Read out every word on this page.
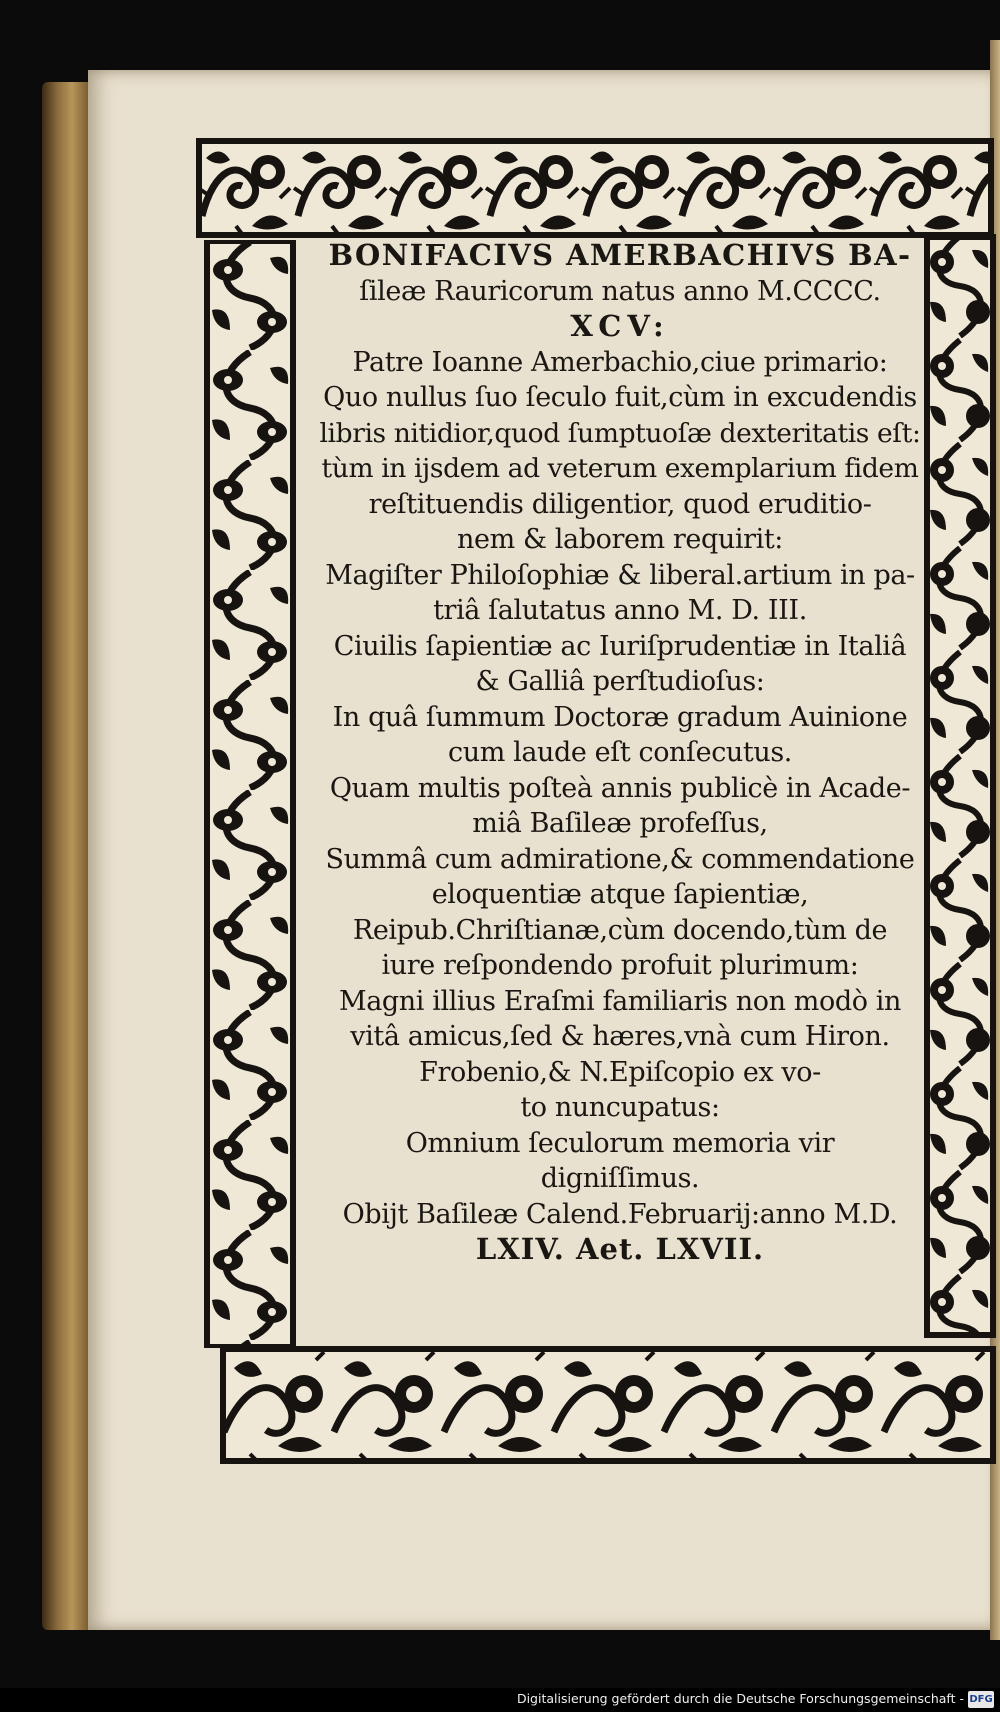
BONIFACIVS AMERBACHIVS BA-

ſileæ Rauricorum natus anno M.CCCC.

XCV:

Patre Ioanne Amerbachio,ciue primario:

Quo nullus ſuo ſeculo fuit,cùm in excudendis

libris nitidior,quod ſumptuoſæ dexteritatis eſt:

tùm in ijsdem ad veterum exemplarium fidem

reſtituendis diligentior, quod eruditio-

nem & laborem requirit:

Magiſter Philoſophiæ & liberal.artium in pa-

triâ ſalutatus anno M. D. III.

Ciuilis ſapientiæ ac Iuriſprudentiæ in Italiâ

& Galliâ perſtudioſus:

In quâ ſummum Doctoræ gradum Auinione

cum laude eſt conſecutus.

Quam multis poſteà annis publicè in Acade-

miâ Baſileæ profeſſus,

Summâ cum admiratione,& commendatione

eloquentiæ atque ſapientiæ,

Reipub.Chriſtianæ,cùm docendo,tùm de

iure reſpondendo profuit plurimum:

Magni illius Eraſmi familiaris non modò in

vitâ amicus,ſed & hæres,vnà cum Hiron.

Frobenio,& N.Epiſcopio ex vo-

to nuncupatus:

Omnium ſeculorum memoria vir

digniſſimus.

Obijt Baſileæ Calend.Februarij:anno M.D.

LXIV. Aet. LXVII.

Digitalisierung gefördert durch die Deutsche Forschungsgemeinschaft - DFG
